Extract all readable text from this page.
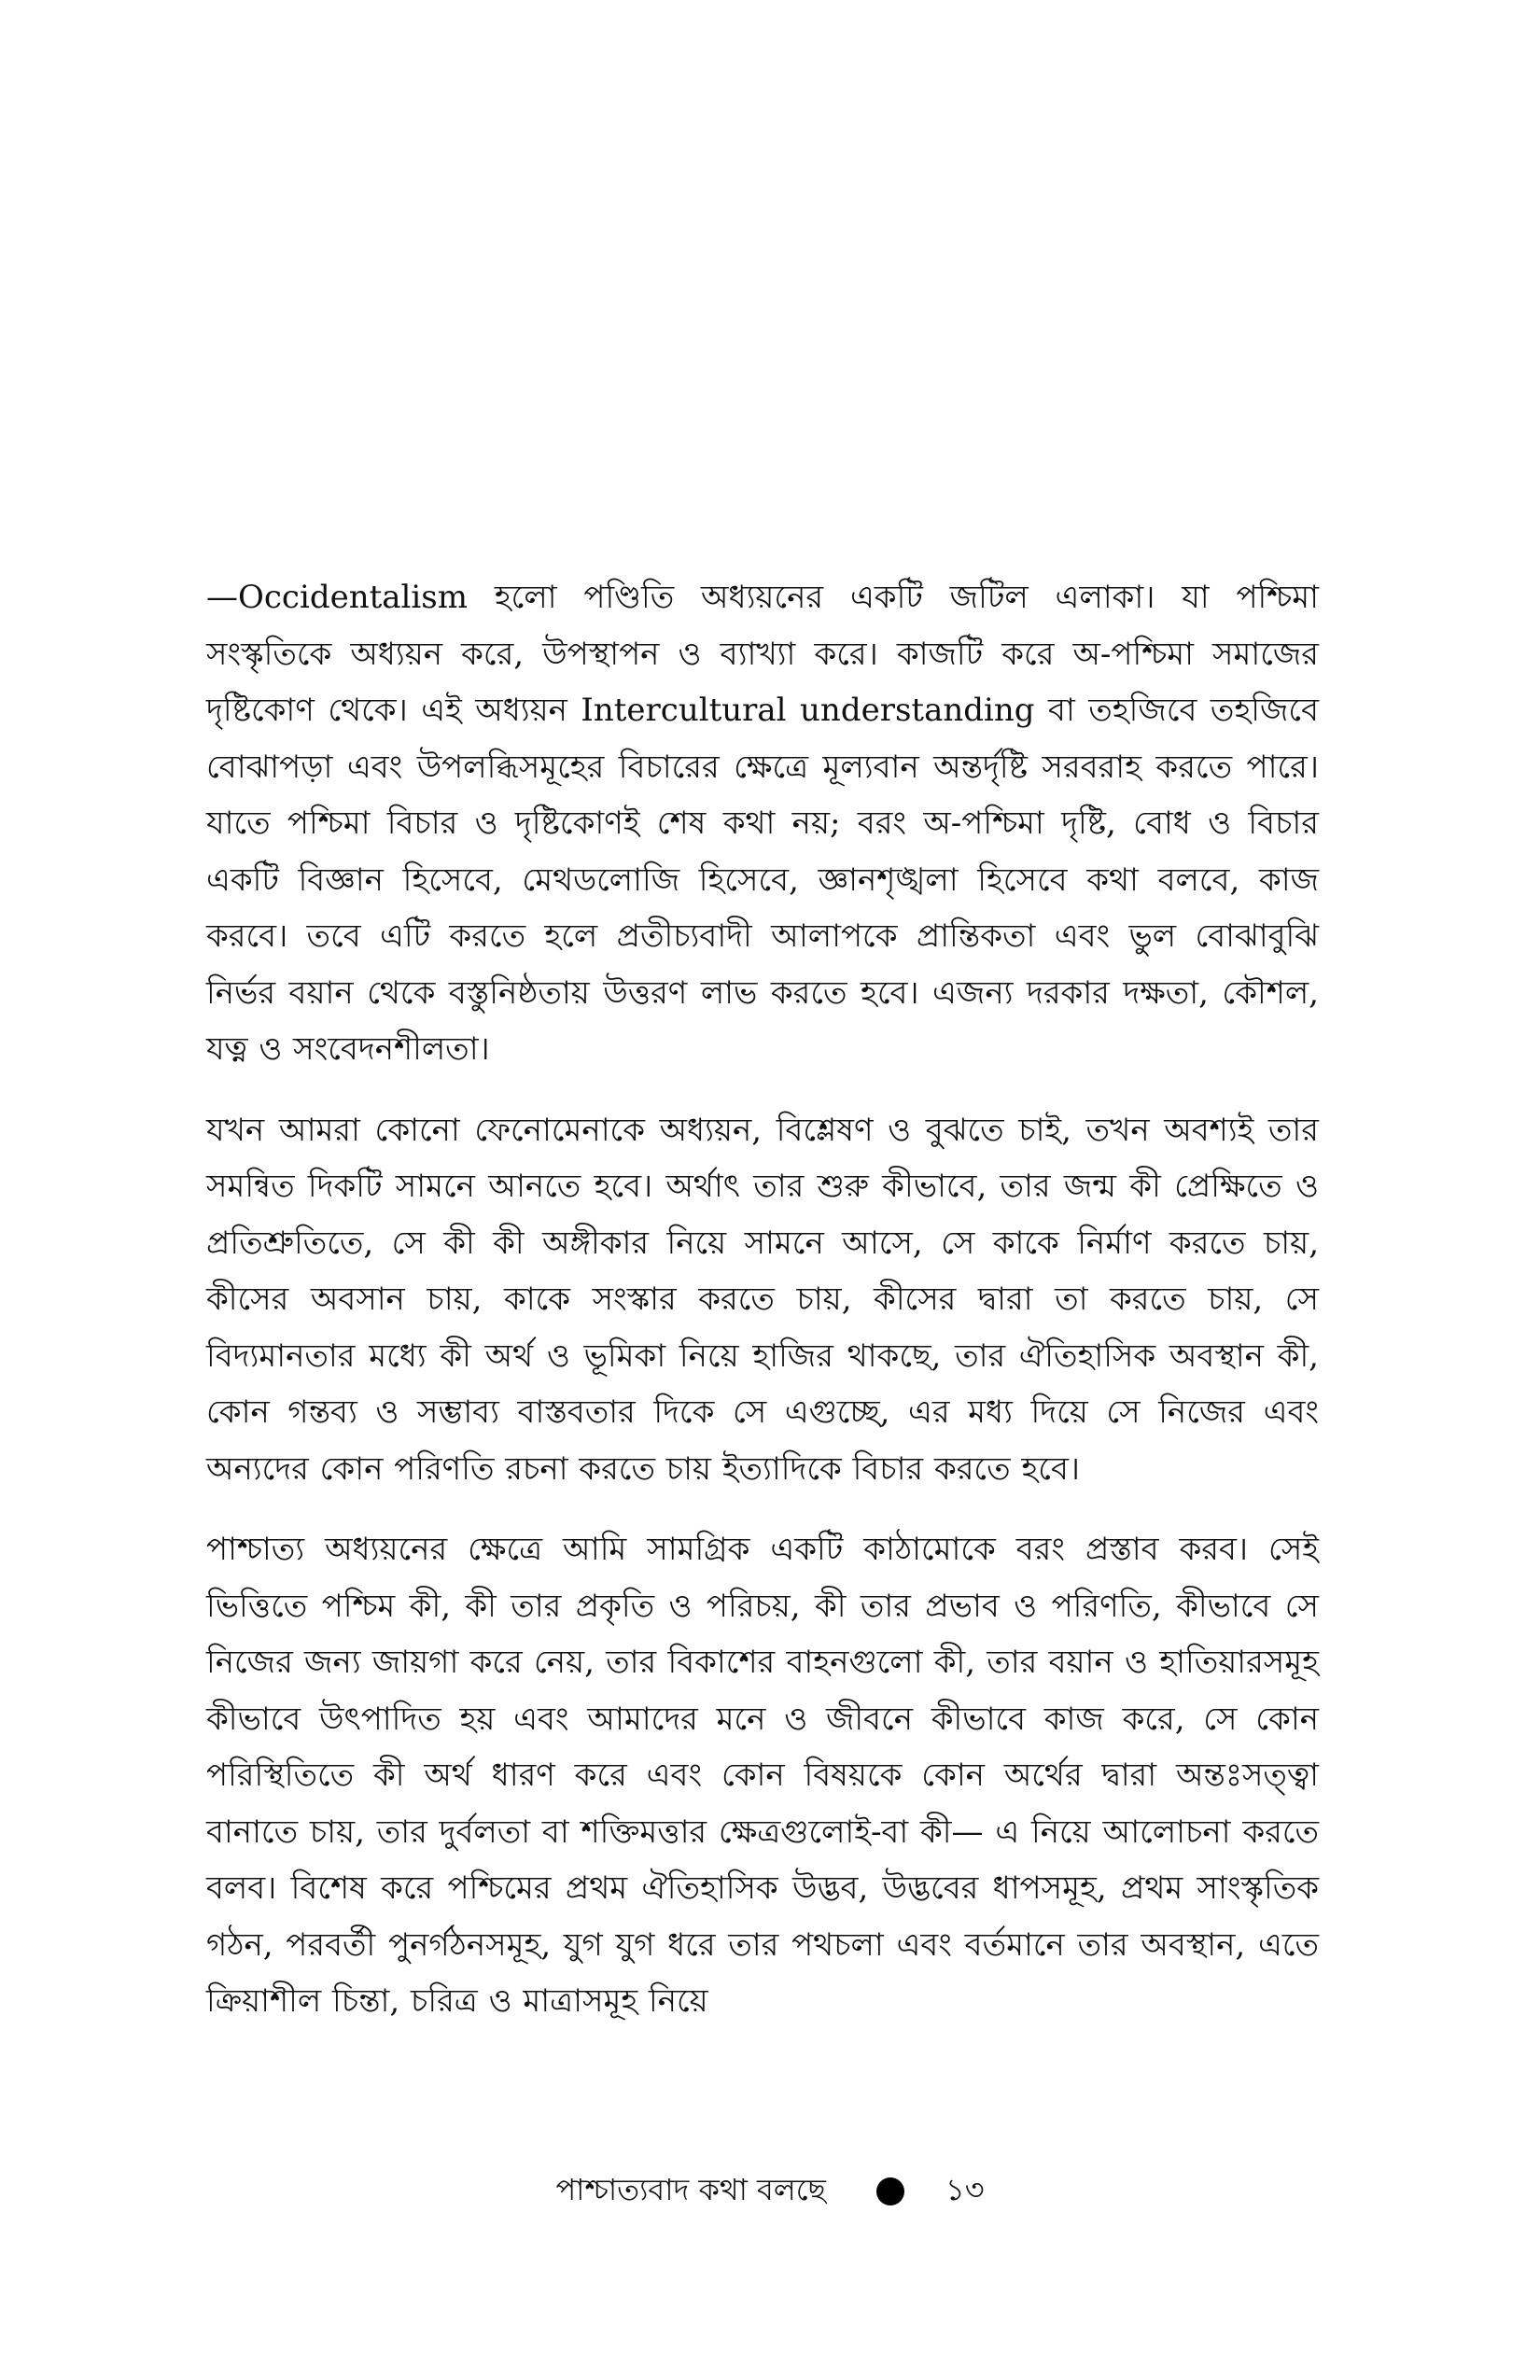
—Occidentalism হলো পণ্ডিতি অধ্যয়নের একটি জটিল এলাকা। যা পশ্চিমা সংস্কৃতিকে অধ্যয়ন করে, উপস্থাপন ও ব্যাখ্যা করে। কাজটি করে অ-পশ্চিমা সমাজের দৃষ্টিকোণ থেকে। এই অধ্যয়ন Intercultural understanding বা তহজিবে তহজিবে বোঝাপড়া এবং উপলব্ধিসমূহের বিচারের ক্ষেত্রে মূল্যবান অন্তর্দৃষ্টি সরবরাহ করতে পারে। যাতে পশ্চিমা বিচার ও দৃষ্টিকোণই শেষ কথা নয়; বরং অ-পশ্চিমা দৃষ্টি, বোধ ও বিচার একটি বিজ্ঞান হিসেবে, মেথডলোজি হিসেবে, জ্ঞানশৃঙ্খলা হিসেবে কথা বলবে, কাজ করবে। তবে এটি করতে হলে প্রতীচ্যবাদী আলাপকে প্রান্তিকতা এবং ভুল বোঝাবুঝি নির্ভর বয়ান থেকে বস্তুনিষ্ঠতায় উত্তরণ লাভ করতে হবে। এজন্য দরকার দক্ষতা, কৌশল, যত্ন ও সংবেদনশীলতা।

যখন আমরা কোনো ফেনোমেনাকে অধ্যয়ন, বিশ্লেষণ ও বুঝতে চাই, তখন অবশ্যই তার সমন্বিত দিকটি সামনে আনতে হবে। অর্থাৎ তার শুরু কীভাবে, তার জন্ম কী প্রেক্ষিতে ও প্রতিশ্রুতিতে, সে কী কী অঙ্গীকার নিয়ে সামনে আসে, সে কাকে নির্মাণ করতে চায়, কীসের অবসান চায়, কাকে সংস্কার করতে চায়, কীসের দ্বারা তা করতে চায়, সে বিদ্যমানতার মধ্যে কী অর্থ ও ভূমিকা নিয়ে হাজির থাকছে, তার ঐতিহাসিক অবস্থান কী, কোন গন্তব্য ও সম্ভাব্য বাস্তবতার দিকে সে এগুচ্ছে, এর মধ্য দিয়ে সে নিজের এবং অন্যদের কোন পরিণতি রচনা করতে চায় ইত্যাদিকে বিচার করতে হবে।

পাশ্চাত্য অধ্যয়নের ক্ষেত্রে আমি সামগ্রিক একটি কাঠামোকে বরং প্রস্তাব করব। সেই ভিত্তিতে পশ্চিম কী, কী তার প্রকৃতি ও পরিচয়, কী তার প্রভাব ও পরিণতি, কীভাবে সে নিজের জন্য জায়গা করে নেয়, তার বিকাশের বাহনগুলো কী, তার বয়ান ও হাতিয়ারসমূহ কীভাবে উৎপাদিত হয় এবং আমাদের মনে ও জীবনে কীভাবে কাজ করে, সে কোন পরিস্থিতিতে কী অর্থ ধারণ করে এবং কোন বিষয়কে কোন অর্থের দ্বারা অন্তঃসত্ত্বা বানাতে চায়, তার দুর্বলতা বা শক্তিমত্তার ক্ষেত্রগুলোই-বা কী— এ নিয়ে আলোচনা করতে বলব। বিশেষ করে পশ্চিমের প্রথম ঐতিহাসিক উদ্ভব, উদ্ভবের ধাপসমূহ, প্রথম সাংস্কৃতিক গঠন, পরবর্তী পুনর্গঠনসমূহ, যুগ যুগ ধরে তার পথচলা এবং বর্তমানে তার অবস্থান, এতে ক্রিয়াশীল চিন্তা, চরিত্র ও মাত্রাসমূহ নিয়ে

পাশ্চাত্যবাদ কথা বলছে	১৩
